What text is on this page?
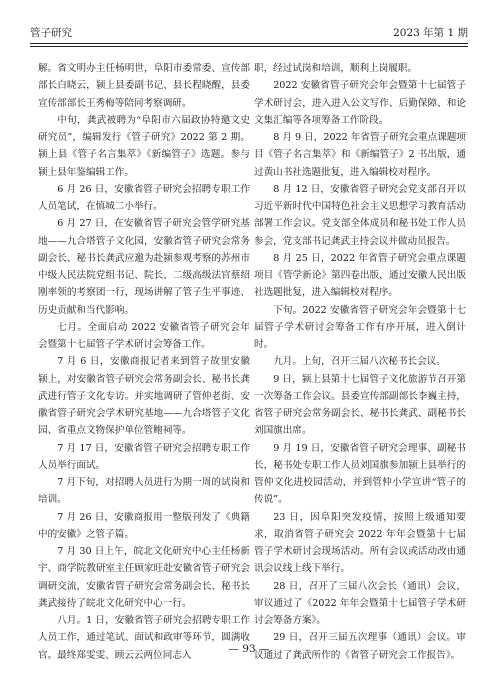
管子研究	2023 年第 1 期

解。省文明办主任杨明世，阜阳市委常委、宣传部部长白晓云，颍上县委副书记、县长程晓醒，县委宣传部部长王秀梅等陪同考察调研。

中旬，龚武被聘为“阜阳市六届政协特邀文史研究员”，编辑发行《管子研究》2022 第 2 期。颍上县《管子名言集萃》《新编管子》选题。参与颍上县年鉴编辑工作。

6 月 26 日，安徽省管子研究会招聘专职工作人员笔试，在慎城二小举行。

6 月 27 日，在安徽省管子研究会管学研究基地——九合塔管子文化园，安徽省管子研究会常务副会长、秘书长龚武应邀为赴颍参观考察的苏州市中级人民法院党组书记、院长、二级高级法官蔡绍刚率领的考察团一行，现场讲解了管子生平事迹、历史贡献和当代影响。

七月。全面启动 2022 安徽省管子研究会年会暨第十七届管子学术研讨会筹备工作。

7 月 6 日，安徽商报记者来到管子故里安徽颍上，对安徽省管子研究会常务副会长、秘书长龚武进行管子文化专访。并实地调研了管仲老街、安徽省管子研究会学术研究基地——九合塔管子文化园、省重点文物保护单位管鲍祠等。

7 月 17 日，安徽省管子研究会招聘专职工作人员举行面试。

7 月下旬，对招聘人员进行为期一周的试岗和培训。

7 月 26 日，安徽商报用一整版刊发了《典籍中的安徽》之管子篇。

7 月 30 日上午，皖北文化研究中心主任杨新宇、商学院教研室主任顾家旺赴安徽省管子研究会调研交流，安徽省管子研究会常务副会长、秘书长龚武接待了皖北文化研究中心一行。

八月。1 日，安徽省管子研究会招聘专职工作人员工作，通过笔试、面试和政审等环节，圆满收官。最终郑雯雯、顾云云两位同志入

职，经过试岗和培训，顺利上岗履职。

2022 安徽省管子研究会年会暨第十七届管子学术研讨会，进入进入公文写作、后勤保障、和论文集汇编等各项筹备工作阶段。

8 月 9 日，2022 年省管子研究会重点课题项目《管子名言集萃》和《新编管子》2 书出版，通过黄山书社选题批复，进入编辑校对程序。

8 月 12 日，安徽省管子研究会党支部召开以习近平新时代中国特色社会主义思想学习教育活动部署工作会议。党支部全体成员和秘书处工作人员参会，党支部书记龚武主持会议并做动员报告。

8 月 25 日，2022 年省管子研究会重点课题项目《管学新论》第四卷出版，通过安徽人民出版社选题批复，进入编辑校对程序。

下旬。2022 安徽省管子研究会年会暨第十七届管子学术研讨会筹备工作有序开展，进入倒计时。

九月。上旬，召开三届八次秘书长会议。

9 日，颍上县第十七届管子文化旅游节召开第一次筹备工作会议。县委宣传部副部长李巍主持，省管子研究会常务副会长、秘书长龚武、副秘书长刘国旗出席。

9 月 19 日，安徽省管子研究会理事、副秘书长，秘书处专职工作人员刘国旗参加颍上县举行的管仲文化进校园活动，并到管仲小学宣讲“管子的传说”。

23 日，因阜阳突发疫情，按照上级通知要求，取消省管子研究会 2022 年年会暨第十七届管子学术研讨会现场活动。所有会议或活动改由通讯会议线上线下举行。

28 日，召开了三届八次会长（通讯）会议，审议通过了《2022 年年会暨第十七届管子学术研讨会筹备方案》。

29 日，召开三届五次理事（通讯）会议。审议通过了龚武所作的《省管子研究会工作报告》。

— 93 —
